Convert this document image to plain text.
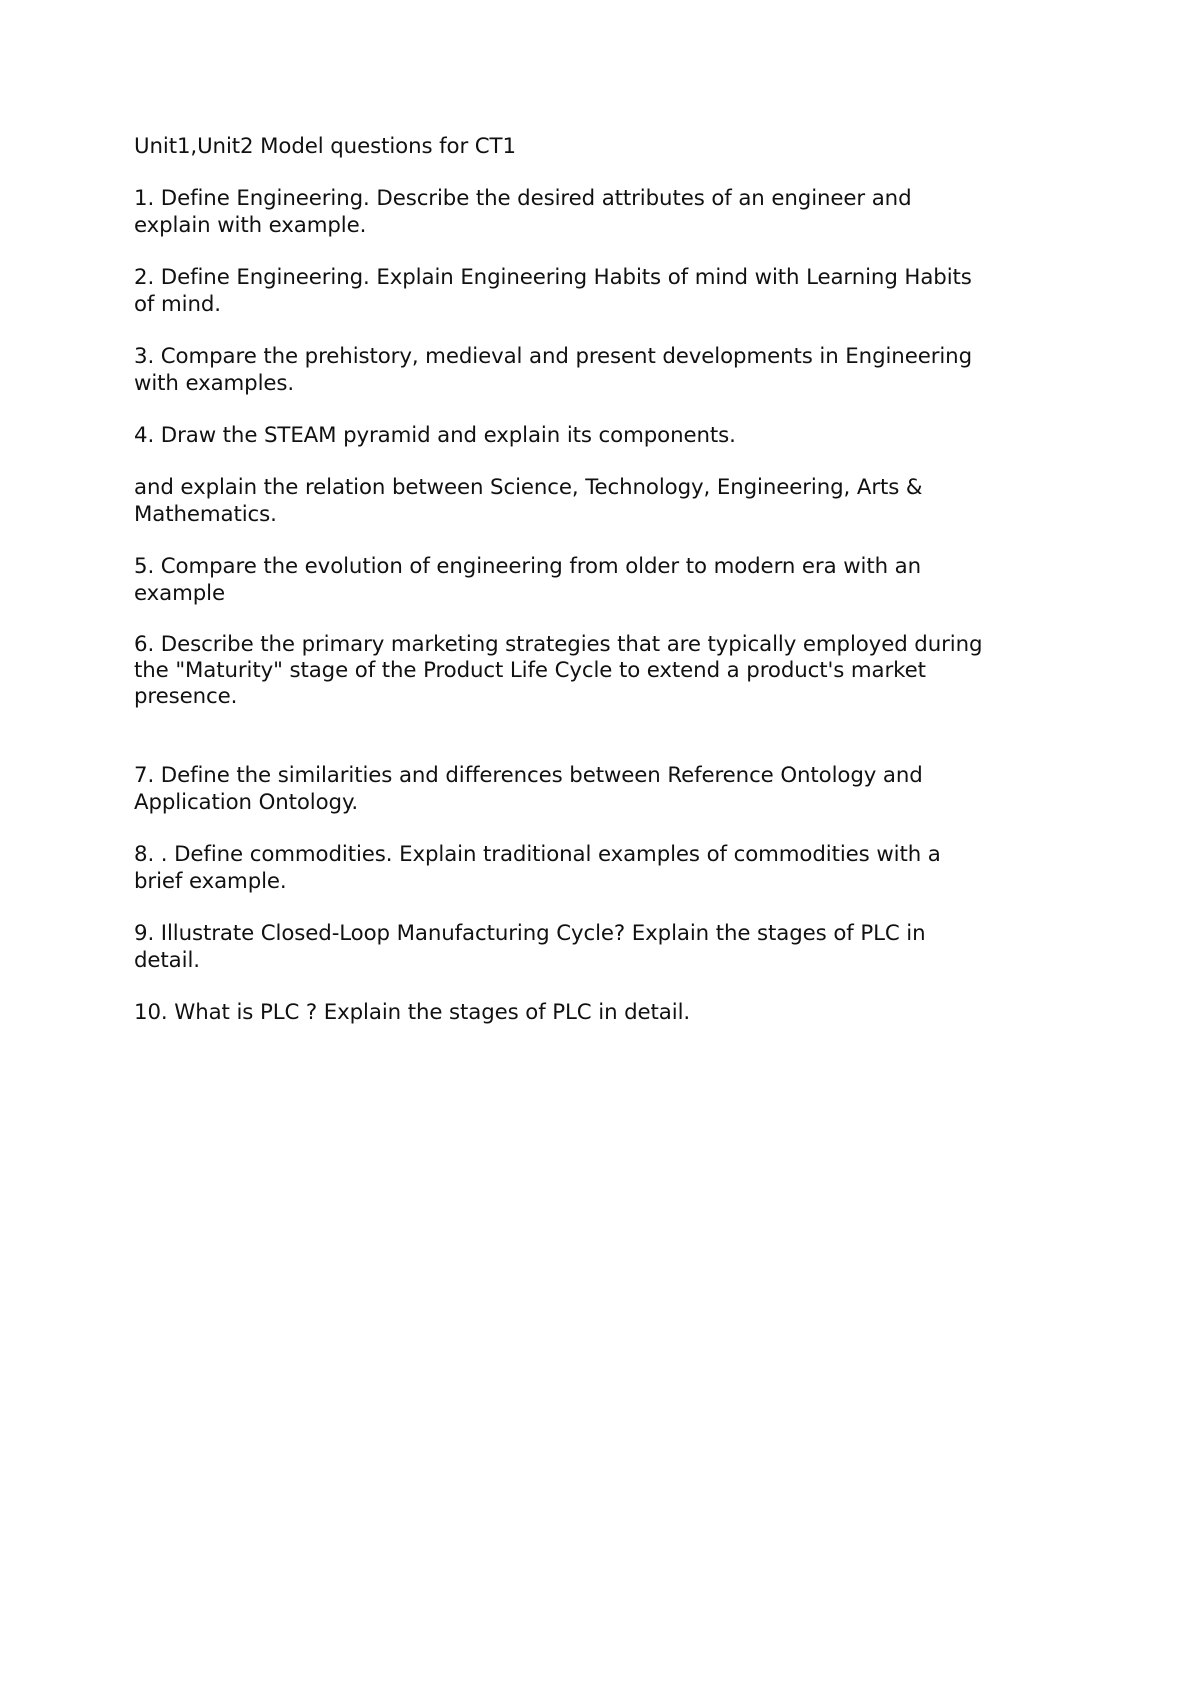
Unit1,Unit2 Model questions for CT1

1. Define Engineering. Describe the desired attributes of an engineer and explain with example.

2. Define Engineering. Explain Engineering Habits of mind with Learning Habits of mind.

3. Compare the prehistory, medieval and present developments in Engineering with examples.

4. Draw the STEAM pyramid and explain its components.

and explain the relation between Science, Technology, Engineering, Arts & Mathematics.

5. Compare the evolution of engineering from older to modern era with an example

6. Describe the primary marketing strategies that are typically employed during the "Maturity" stage of the Product Life Cycle to extend a product's market presence.

7. Define the similarities and differences between Reference Ontology and Application Ontology.

8. . Define commodities. Explain traditional examples of commodities with a brief example.

9. Illustrate Closed-Loop Manufacturing Cycle? Explain the stages of PLC in detail.

10. What is PLC ? Explain the stages of PLC in detail.
